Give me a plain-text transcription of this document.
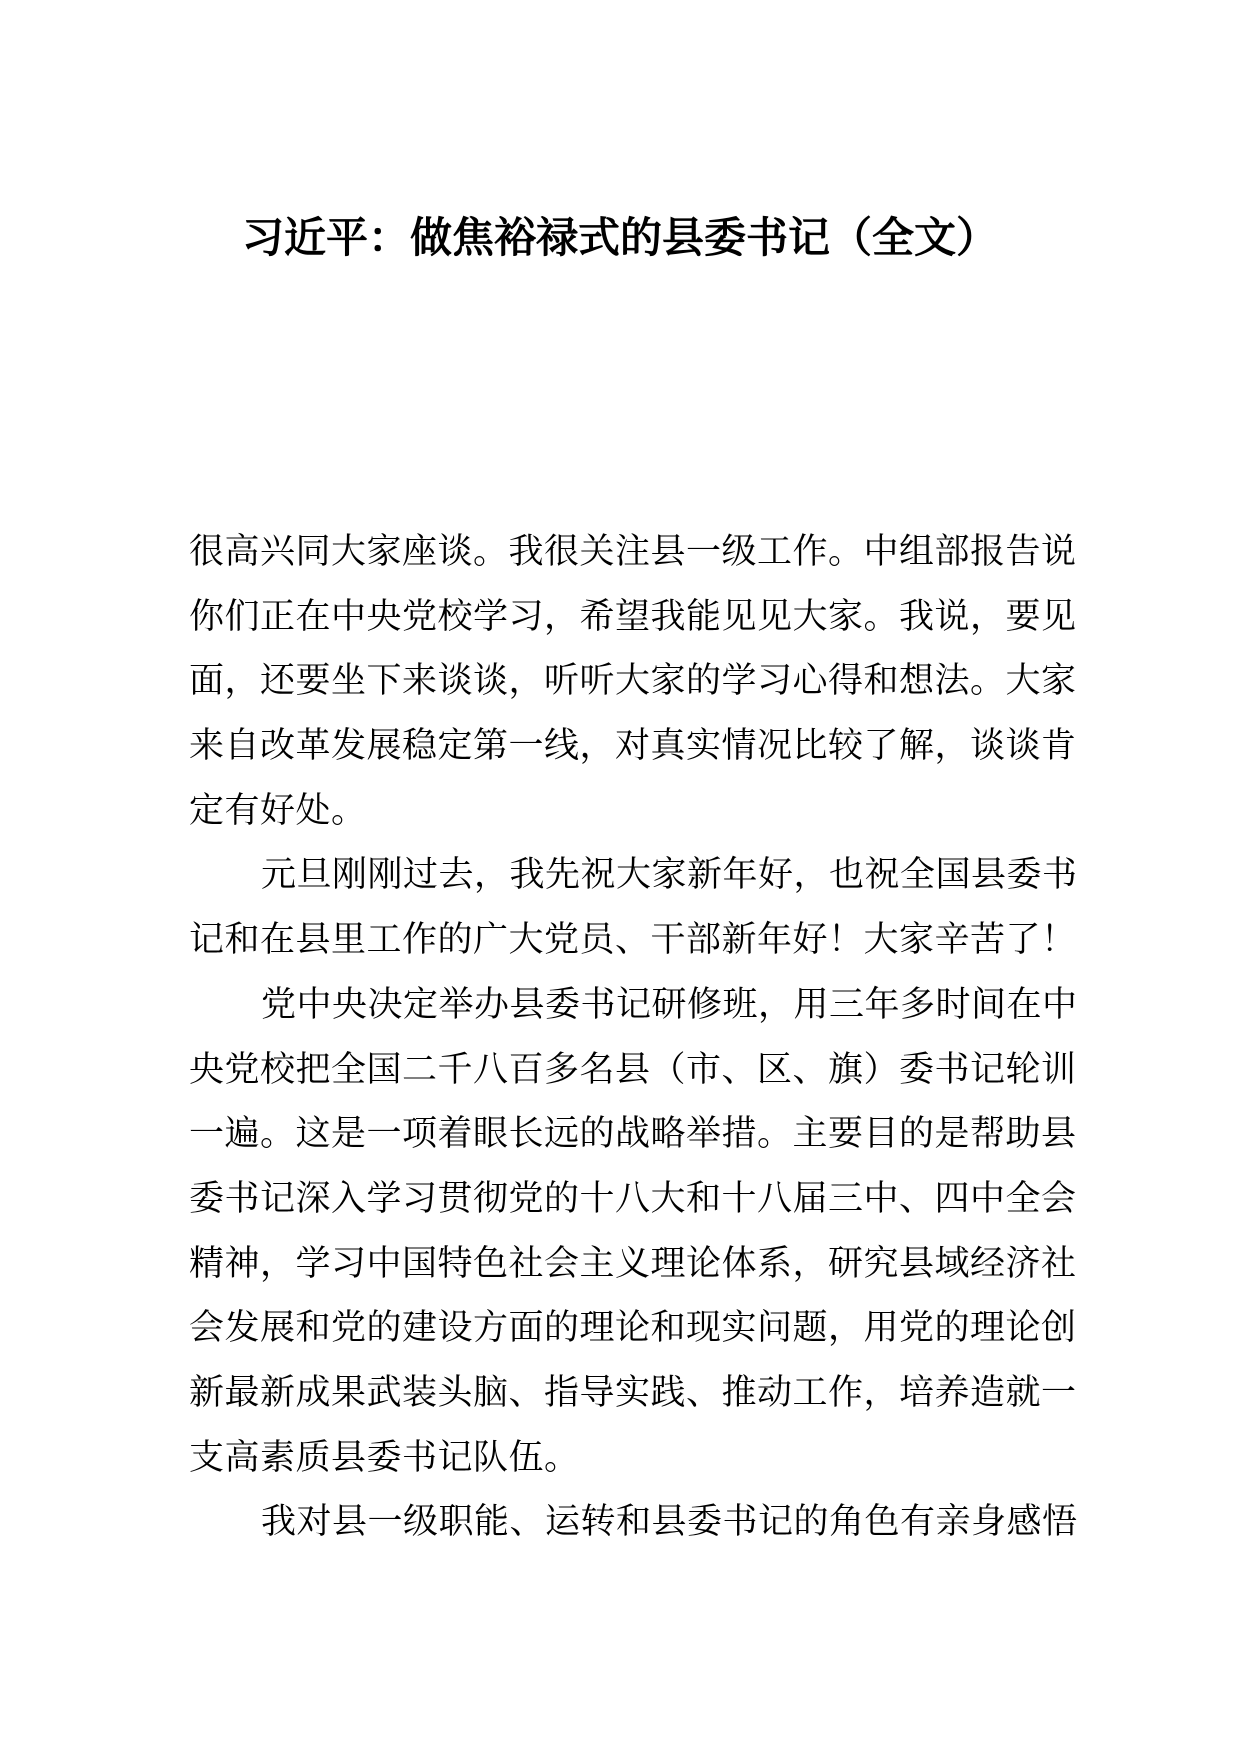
习近平：做焦裕禄式的县委书记（全文）
很高兴同大家座谈。我很关注县一级工作。中组部报告说
你们正在中央党校学习，希望我能见见大家。我说，要见
面，还要坐下来谈谈，听听大家的学习心得和想法。大家
来自改革发展稳定第一线，对真实情况比较了解，谈谈肯
定有好处。
元旦刚刚过去，我先祝大家新年好，也祝全国县委书
记和在县里工作的广大党员、干部新年好！大家辛苦了！
党中央决定举办县委书记研修班，用三年多时间在中
央党校把全国二千八百多名县（市、区、旗）委书记轮训
一遍。这是一项着眼长远的战略举措。主要目的是帮助县
委书记深入学习贯彻党的十八大和十八届三中、四中全会
精神，学习中国特色社会主义理论体系，研究县域经济社
会发展和党的建设方面的理论和现实问题，用党的理论创
新最新成果武装头脑、指导实践、推动工作，培养造就一
支高素质县委书记队伍。
我对县一级职能、运转和县委书记的角色有亲身感悟
